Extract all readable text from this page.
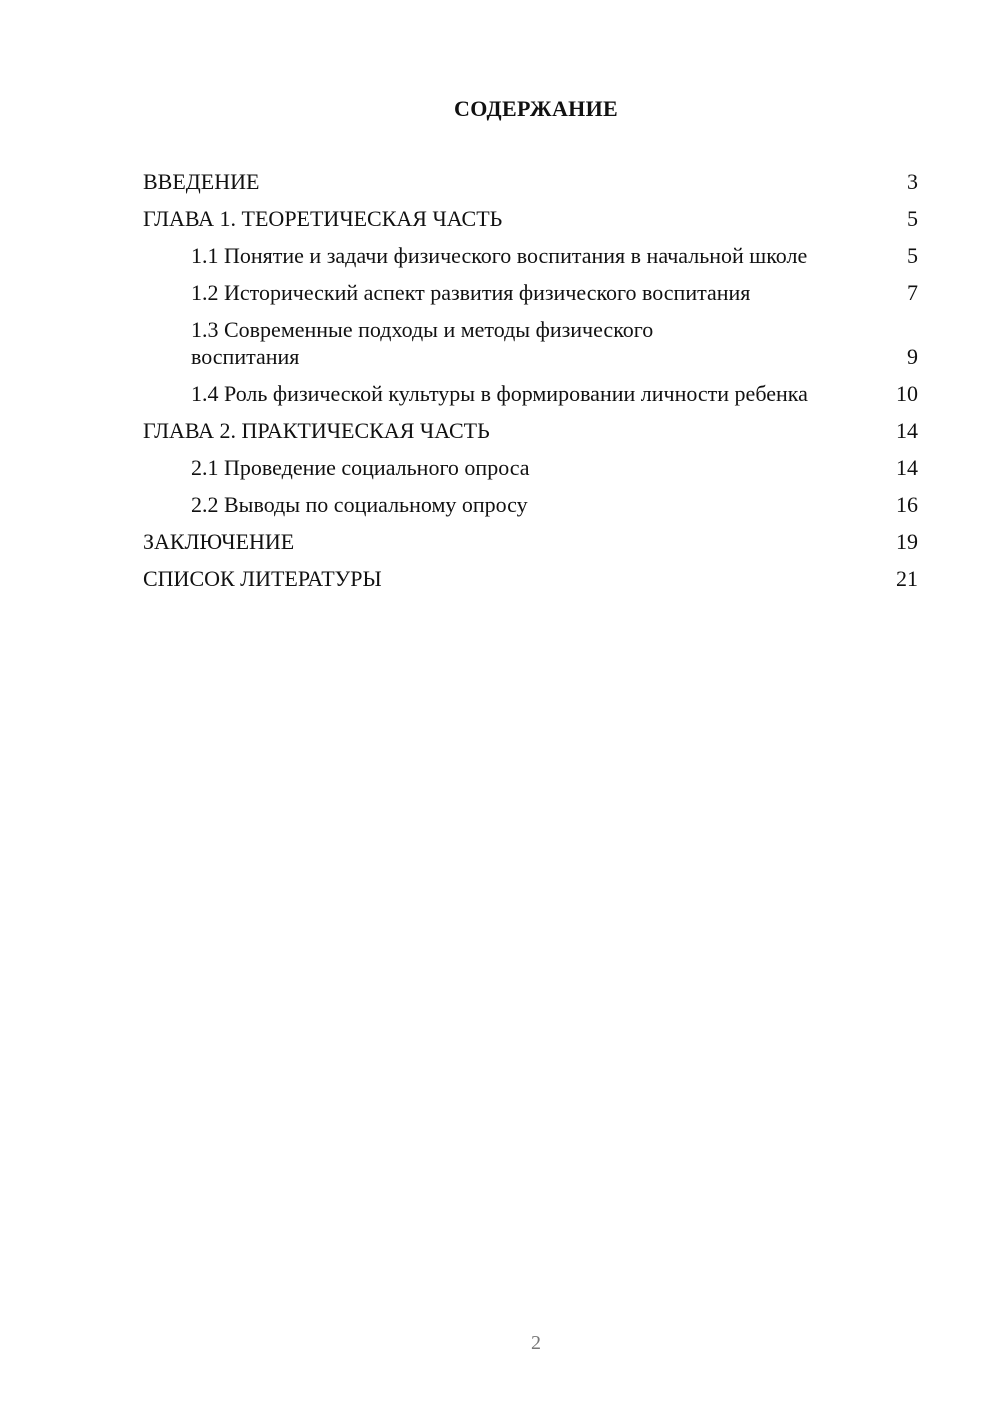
СОДЕРЖАНИЕ
ВВЕДЕНИЕ	3
ГЛАВА 1. ТЕОРЕТИЧЕСКАЯ ЧАСТЬ	5
1.1 Понятие и задачи физического воспитания в начальной школе	5
1.2 Исторический аспект развития физического воспитания	7
1.3 Современные подходы и методы физического воспитания	9
1.4 Роль физической культуры в формировании личности ребенка	10
ГЛАВА 2. ПРАКТИЧЕСКАЯ ЧАСТЬ	14
2.1 Проведение социального опроса	14
2.2 Выводы по социальному опросу	16
ЗАКЛЮЧЕНИЕ	19
СПИСОК ЛИТЕРАТУРЫ	21
2
